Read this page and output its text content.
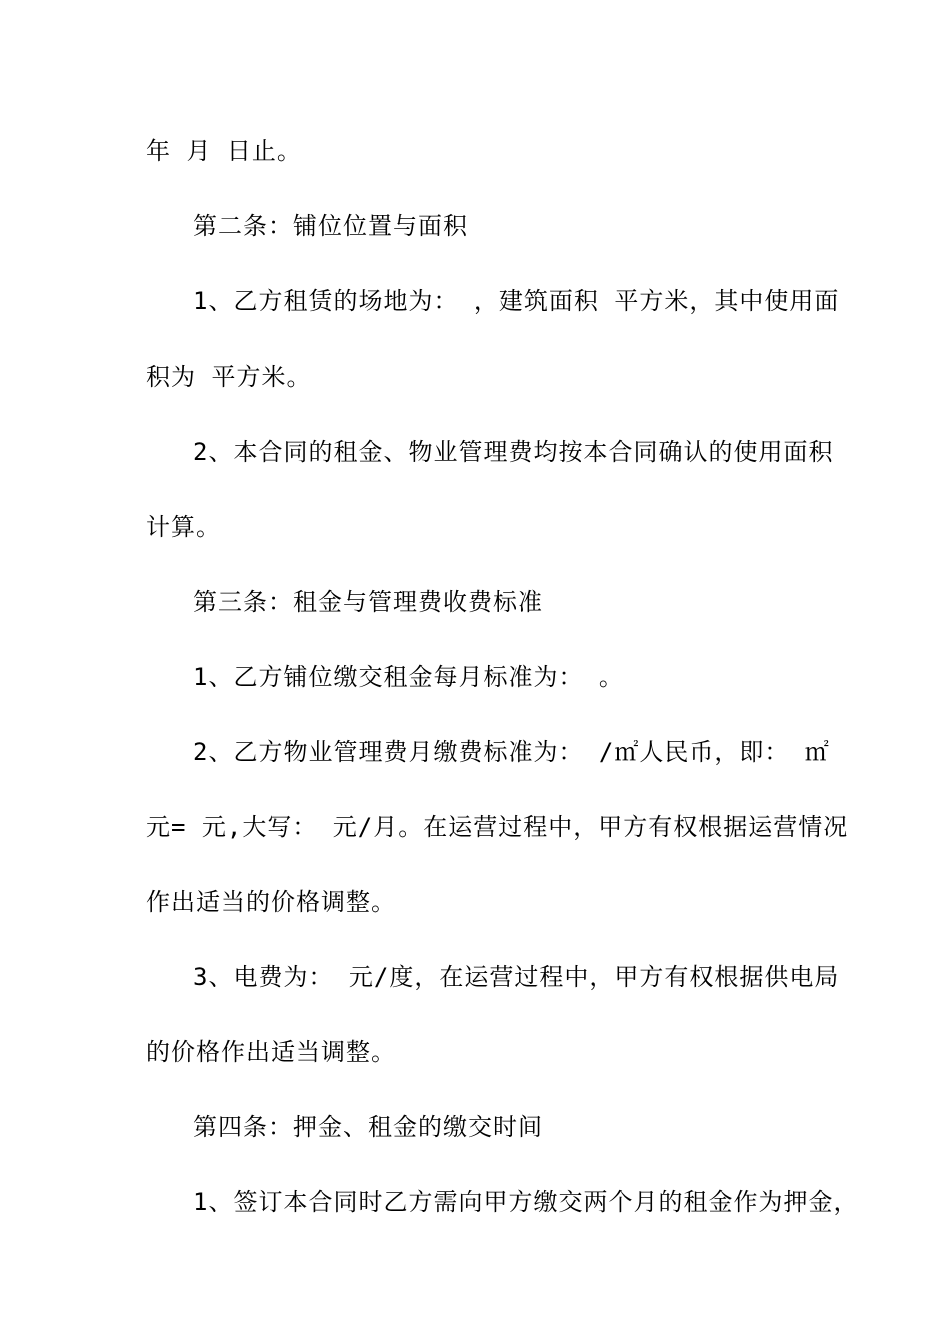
年 月 日止。

第二条：铺位位置与面积

1、乙方租赁的场地为： ，建筑面积 平方米，其中使用面

积为 平方米。

2、本合同的租金、物业管理费均按本合同确认的使用面积

计算。

第三条：租金与管理费收费标准

1、乙方铺位缴交租金每月标准为： 。

2、乙方物业管理费月缴费标准为： /㎡人民币，即： ㎡

元= 元,大写： 元/月。在运营过程中，甲方有权根据运营情况

作出适当的价格调整。

3、电费为： 元/度，在运营过程中，甲方有权根据供电局

的价格作出适当调整。

第四条：押金、租金的缴交时间

1、签订本合同时乙方需向甲方缴交两个月的租金作为押金，
